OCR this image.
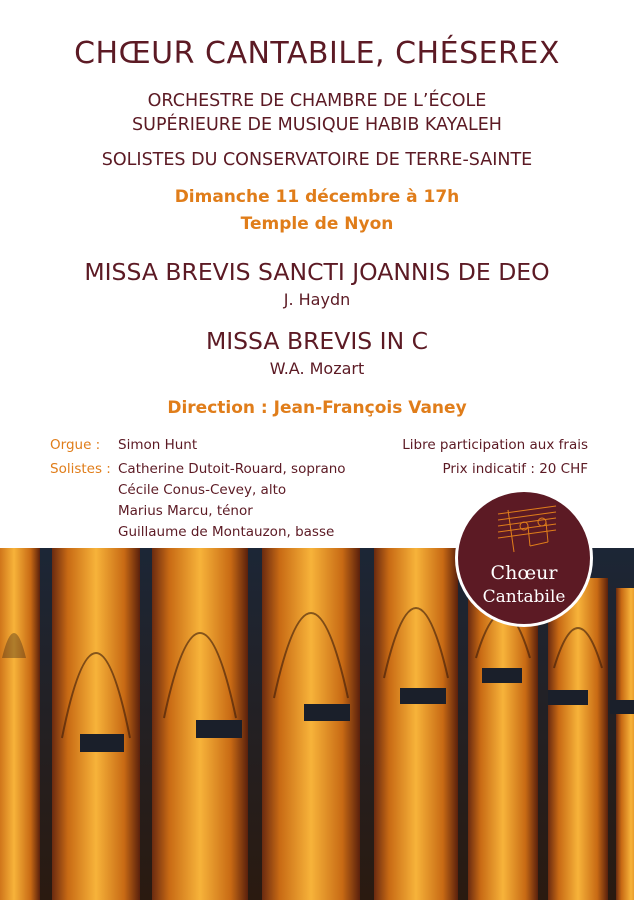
CHŒUR CANTABILE, CHÉSEREX
ORCHESTRE DE CHAMBRE DE L’ÉCOLE
SUPÉRIEURE DE MUSIQUE HABIB KAYALEH
SOLISTES DU CONSERVATOIRE DE TERRE-SAINTE
Dimanche 11 décembre à 17h
Temple de Nyon
MISSA BREVIS SANCTI JOANNIS DE DEO
J. Haydn
MISSA BREVIS IN C
W.A. Mozart
Direction : Jean-François Vaney
Orgue : Simon Hunt
Solistes : Catherine Dutoit-Rouard, soprano
Cécile Conus-Cevey, alto
Marius Marcu, ténor
Guillaume de Montauzon, basse
Libre participation aux frais
Prix indicatif : 20 CHF
Chœur
Cantabile
